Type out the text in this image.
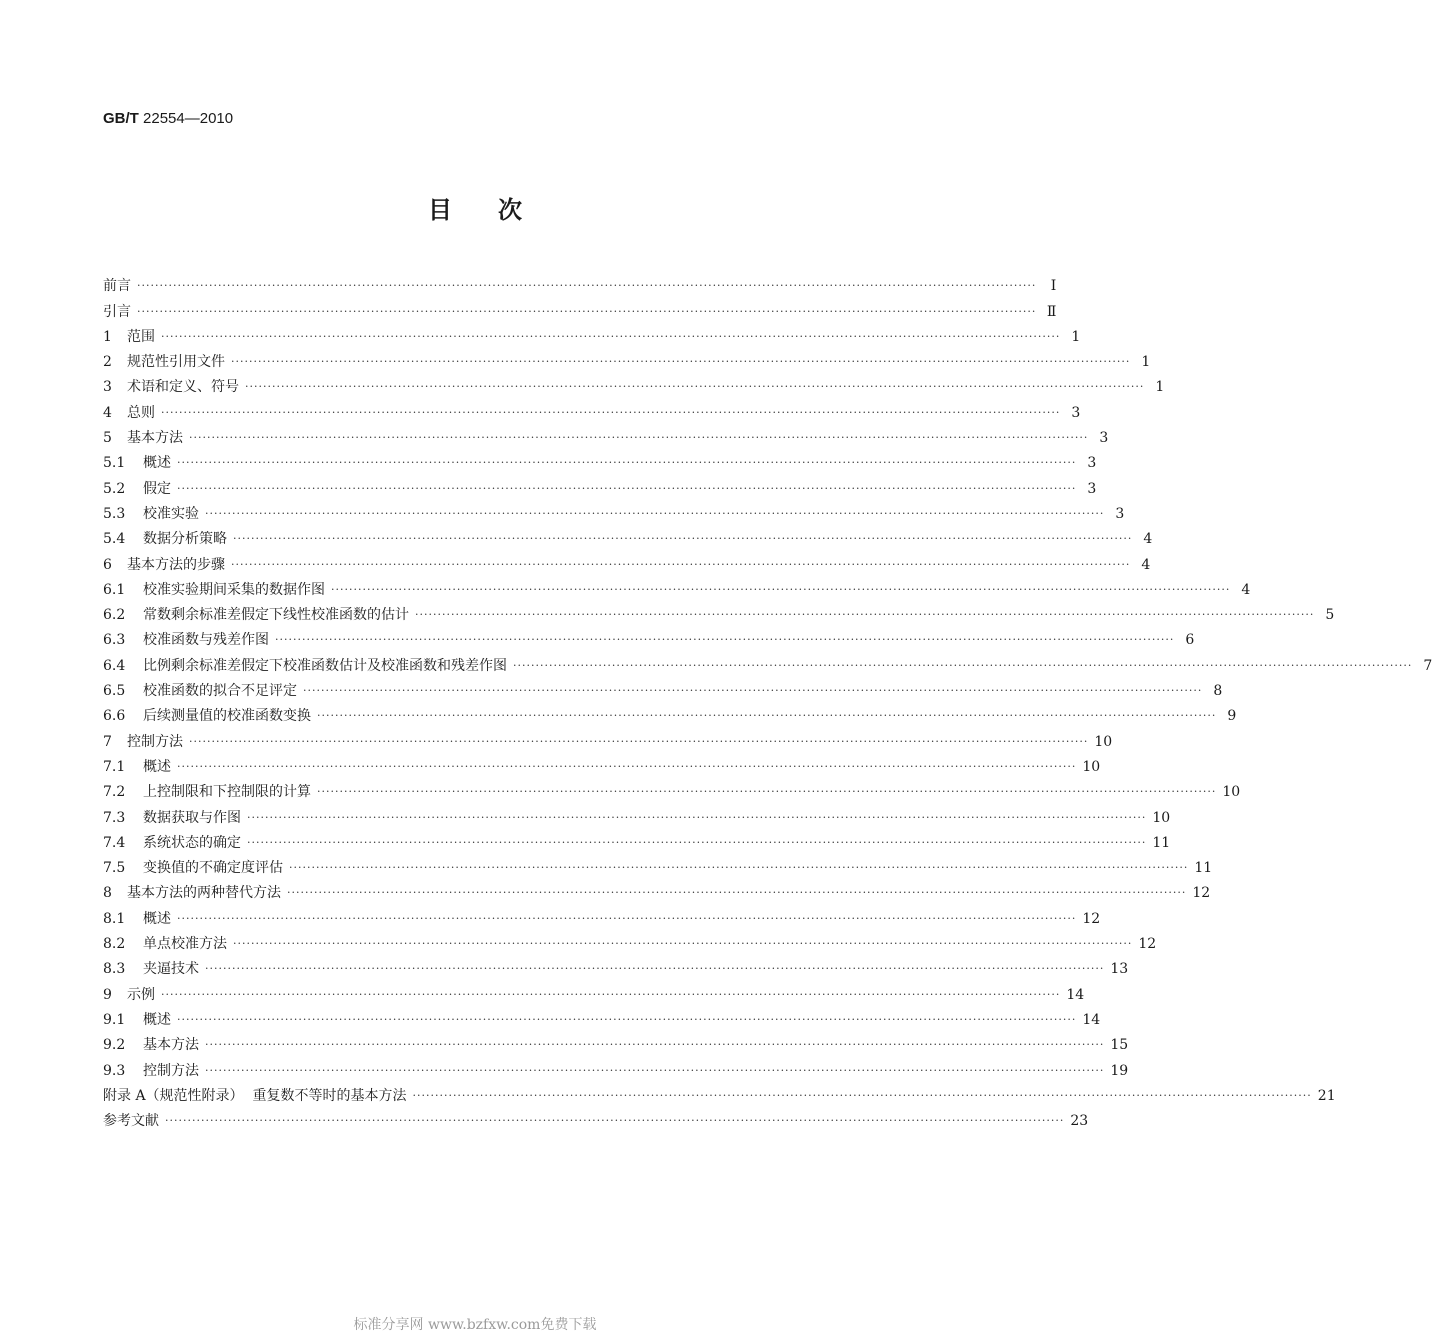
GB/T 22554—2010
目次
前言 ········································································································································································································	Ⅰ
引言 ········································································································································································································ Ⅱ
1 范围 ········································································································································································································ 1
2 规范性引用文件 ········································································································································································································ 1
3 术语和定义、符号 ········································································································································································································ 1
4 总则 ········································································································································································································ 3
5 基本方法 ········································································································································································································ 3
5.1 概述 ········································································································································································································ 3
5.2 假定 ········································································································································································································ 3
5.3 校准实验 ········································································································································································································ 3
5.4 数据分析策略 ········································································································································································································ 4
6 基本方法的步骤 ········································································································································································································ 4
6.1 校准实验期间采集的数据作图 ········································································································································································································ 4
6.2 常数剩余标准差假定下线性校准函数的估计 ········································································································································································································ 5
6.3 校准函数与残差作图 ········································································································································································································ 6
6.4 比例剩余标准差假定下校准函数估计及校准函数和残差作图 ········································································································································································································ 7
6.5 校准函数的拟合不足评定 ········································································································································································································ 8
6.6 后续测量值的校准函数变换 ········································································································································································································ 9
7 控制方法 ········································································································································································································ 10
7.1 概述 ········································································································································································································ 10
7.2 上控制限和下控制限的计算 ········································································································································································································ 10
7.3 数据获取与作图 ········································································································································································································ 10
7.4 系统状态的确定 ········································································································································································································ 11
7.5 变换值的不确定度评估 ········································································································································································································ 11
8 基本方法的两种替代方法 ········································································································································································································ 12
8.1 概述 ········································································································································································································ 12
8.2 单点校准方法 ········································································································································································································ 12
8.3 夹逼技术 ········································································································································································································ 13
9 示例 ········································································································································································································ 14
9.1 概述 ········································································································································································································ 14
9.2 基本方法 ········································································································································································································ 15
9.3 控制方法 ········································································································································································································ 19
附录 A（规范性附录）  重复数不等时的基本方法 ········································································································································································································ 21
参考文献 ········································································································································································································ 23
标准分享网 www.bzfxw.com免费下载
